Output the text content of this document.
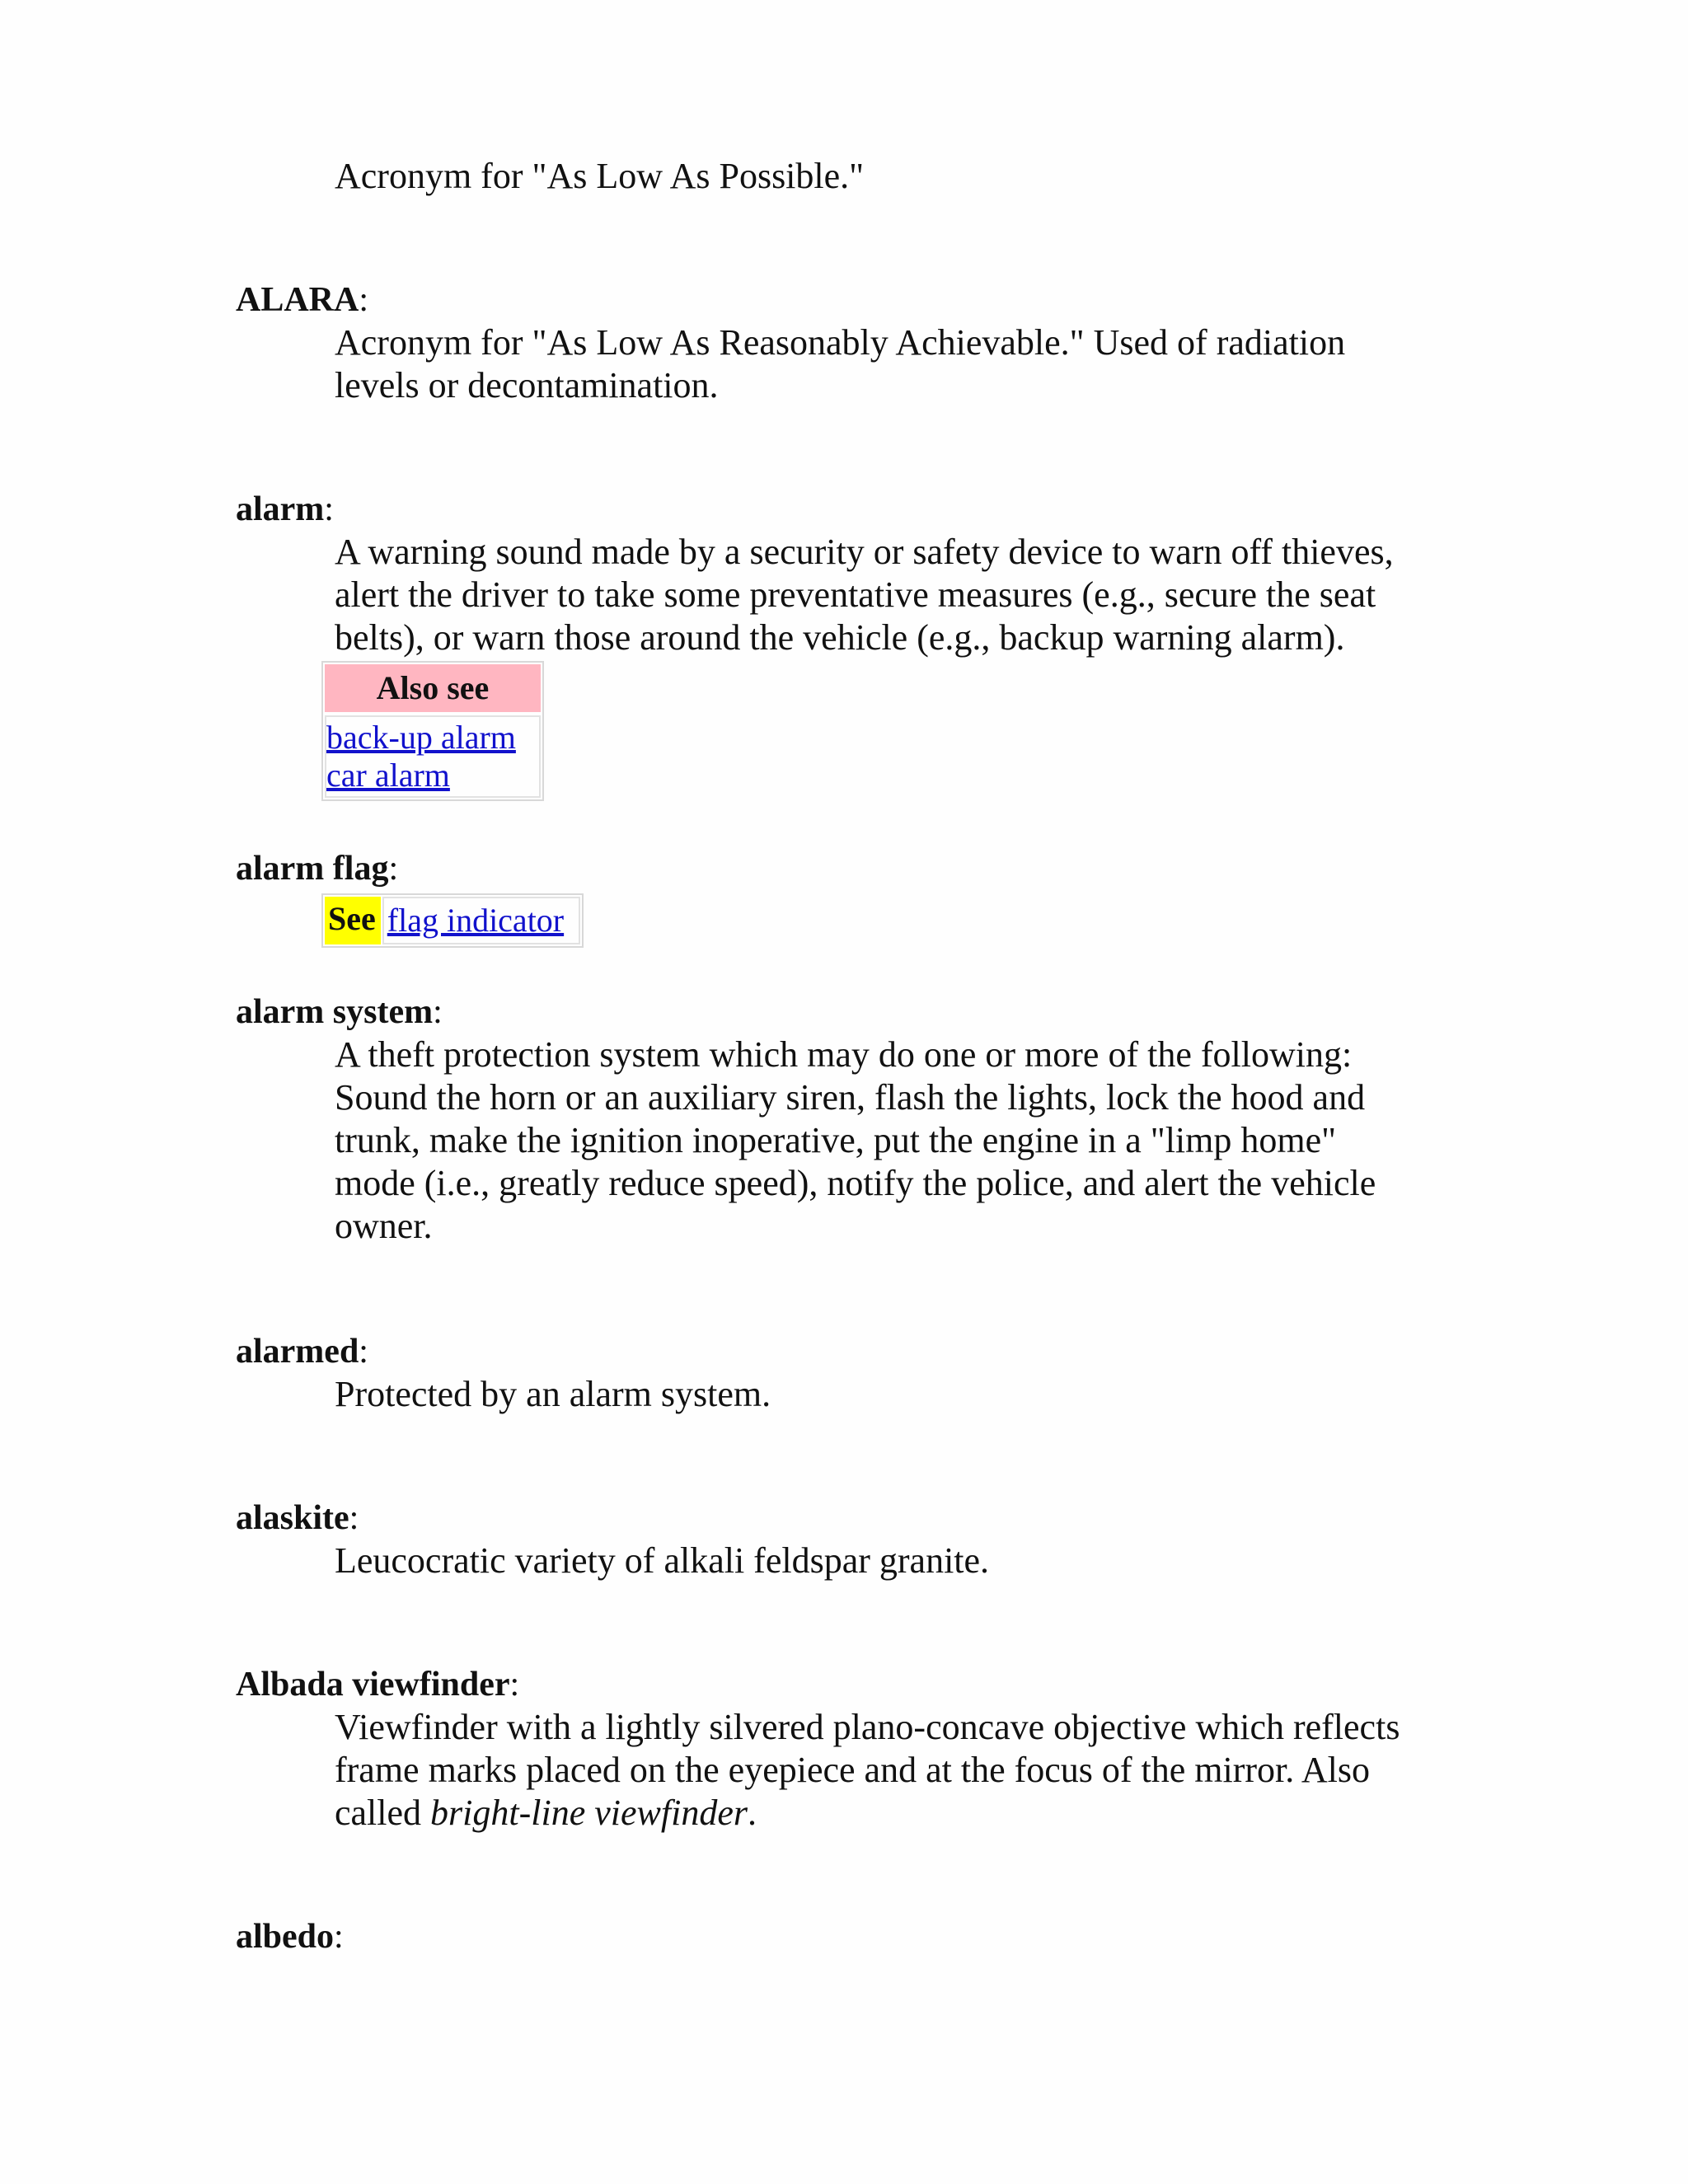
Acronym for "As Low As Possible."
ALARA:
Acronym for "As Low As Reasonably Achievable." Used of radiation
levels or decontamination.
alarm:
A warning sound made by a security or safety device to warn off thieves,
alert the driver to take some preventative measures (e.g., secure the seat
belts), or warn those around the vehicle (e.g., backup warning alarm).
Also see
back-up alarm
car alarm
alarm flag:
See flag indicator
alarm system:
A theft protection system which may do one or more of the following:
Sound the horn or an auxiliary siren, flash the lights, lock the hood and
trunk, make the ignition inoperative, put the engine in a "limp home"
mode (i.e., greatly reduce speed), notify the police, and alert the vehicle
owner.
alarmed:
Protected by an alarm system.
alaskite:
Leucocratic variety of alkali feldspar granite.
Albada viewfinder:
Viewfinder with a lightly silvered plano-concave objective which reflects
frame marks placed on the eyepiece and at the focus of the mirror. Also
called bright-line viewfinder.
albedo:
